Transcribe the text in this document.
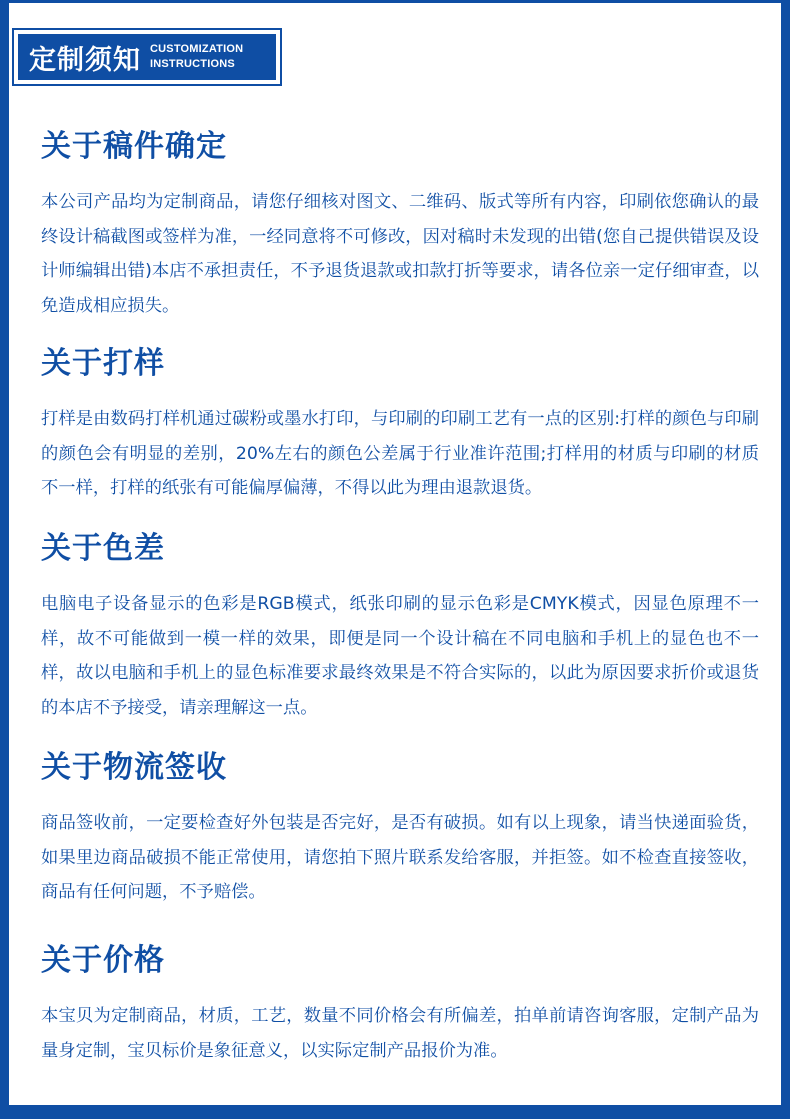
定制须知 CUSTOMIZATION
INSTRUCTIONS
关于稿件确定

本公司产品均为定制商品，请您仔细核对图文、二维码、版式等所有内容，印刷依您确认的最终设计稿截图或签样为准，一经同意将不可修改，因对稿时未发现的出错(您自己提供错误及设计师编辑出错)本店不承担责任，不予退货退款或扣款打折等要求，请各位亲一定仔细审查，以免造成相应损失。

关于打样

打样是由数码打样机通过碳粉或墨水打印，与印刷的印刷工艺有一点的区别:打样的颜色与印刷的颜色会有明显的差别，20%左右的颜色公差属于行业准许范围;打样用的材质与印刷的材质不一样，打样的纸张有可能偏厚偏薄，不得以此为理由退款退货。

关于色差

电脑电子设备显示的色彩是RGB模式，纸张印刷的显示色彩是CMYK模式，因显色原理不一样，故不可能做到一模一样的效果，即便是同一个设计稿在不同电脑和手机上的显色也不一样，故以电脑和手机上的显色标准要求最终效果是不符合实际的，以此为原因要求折价或退货的本店不予接受，请亲理解这一点。

关于物流签收

商品签收前，一定要检查好外包装是否完好，是否有破损。如有以上现象，请当快递面验货，如果里边商品破损不能正常使用，请您拍下照片联系发给客服，并拒签。如不检查直接签收，商品有任何问题，不予赔偿。

关于价格

本宝贝为定制商品，材质，工艺，数量不同价格会有所偏差，拍单前请咨询客服，定制产品为量身定制，宝贝标价是象征意义，以实际定制产品报价为准。
